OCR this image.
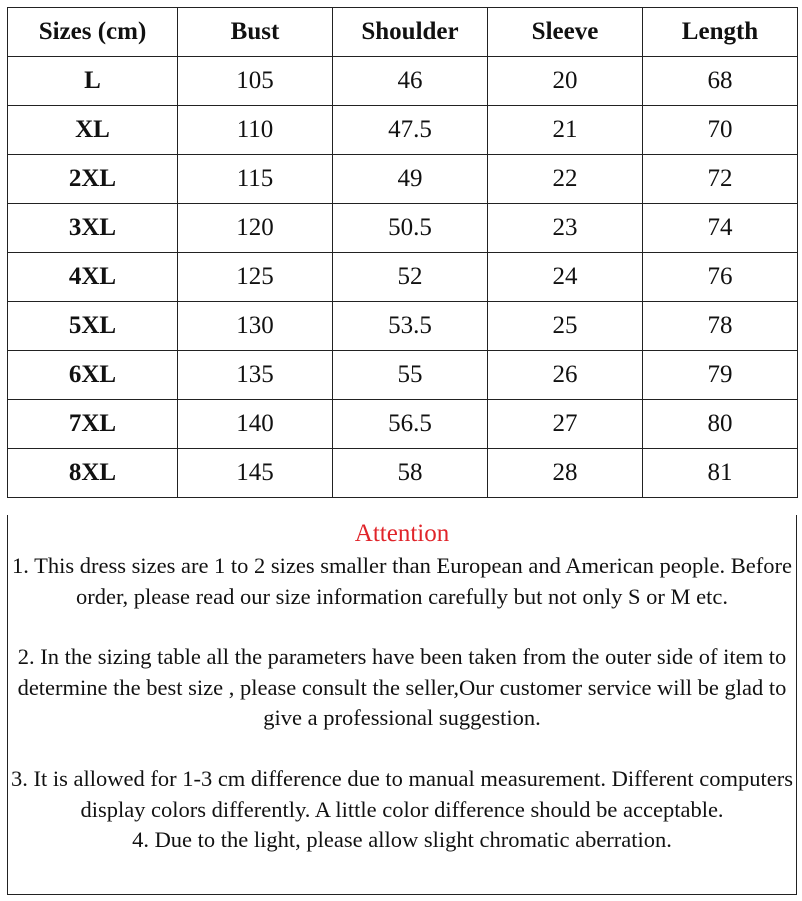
Sizes (cm)	Bust	Shoulder	Sleeve	Length
L	105	46	20	68
XL	110	47.5	21	70
2XL	115	49	22	72
3XL	120	50.5	23	74
4XL	125	52	24	76
5XL	130	53.5	25	78
6XL	135	55	26	79
7XL	140	56.5	27	80
8XL	145	58	28	81
Attention

1. This dress sizes are 1 to 2 sizes smaller than European and American people. Before order, please read our size information carefully but not only S or M etc.

2. In the sizing table all the parameters have been taken from the outer side of item to determine the best size , please consult the seller,Our customer service will be glad to give a professional suggestion.

3. It is allowed for 1-3 cm difference due to manual measurement. Different computers display colors differently. A little color difference should be acceptable.

4. Due to the light, please allow slight chromatic aberration.
